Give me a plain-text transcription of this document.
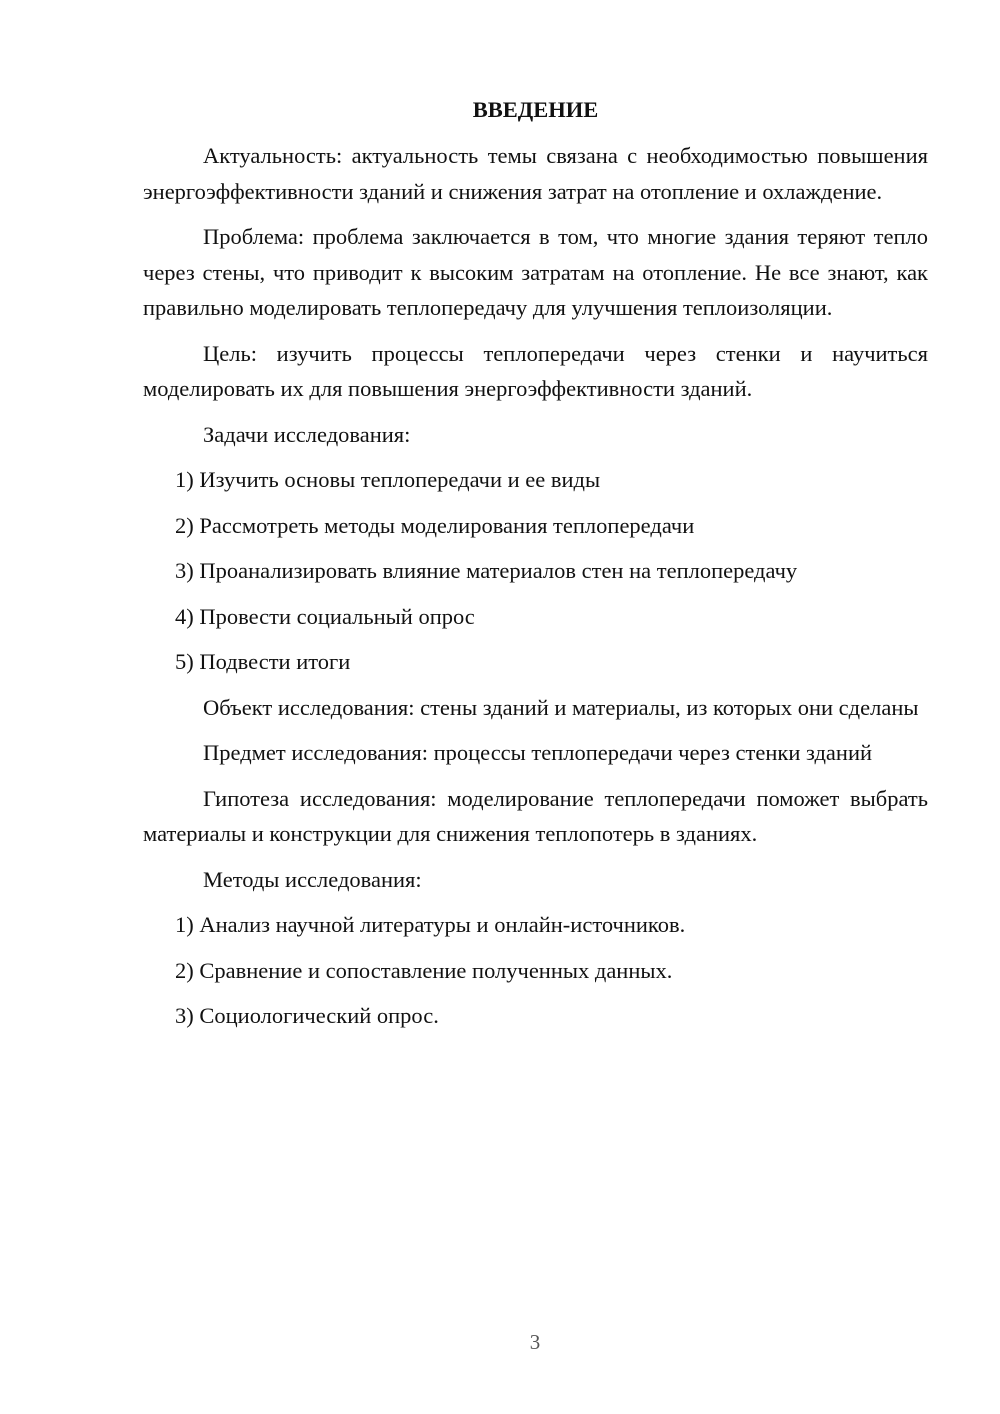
ВВЕДЕНИЕ
Актуальность: актуальность темы связана с необходимостью повышения энергоэффективности зданий и снижения затрат на отопление и охлаждение.
Проблема: проблема заключается в том, что многие здания теряют тепло через стены, что приводит к высоким затратам на отопление. Не все знают, как правильно моделировать теплопередачу для улучшения теплоизоляции.
Цель: изучить процессы теплопередачи через стенки и научиться моделировать их для повышения энергоэффективности зданий.
Задачи исследования:
1) Изучить основы теплопередачи и ее виды
2) Рассмотреть методы моделирования теплопередачи
3) Проанализировать влияние материалов стен на теплопередачу
4) Провести социальный опрос
5) Подвести итоги
Объект исследования: стены зданий и материалы, из которых они сделаны
Предмет исследования: процессы теплопередачи через стенки зданий
Гипотеза исследования: моделирование теплопередачи поможет выбрать материалы и конструкции для снижения теплопотерь в зданиях.
Методы исследования:
1) Анализ научной литературы и онлайн-источников.
2) Сравнение и сопоставление полученных данных.
3) Социологический опрос.
3
